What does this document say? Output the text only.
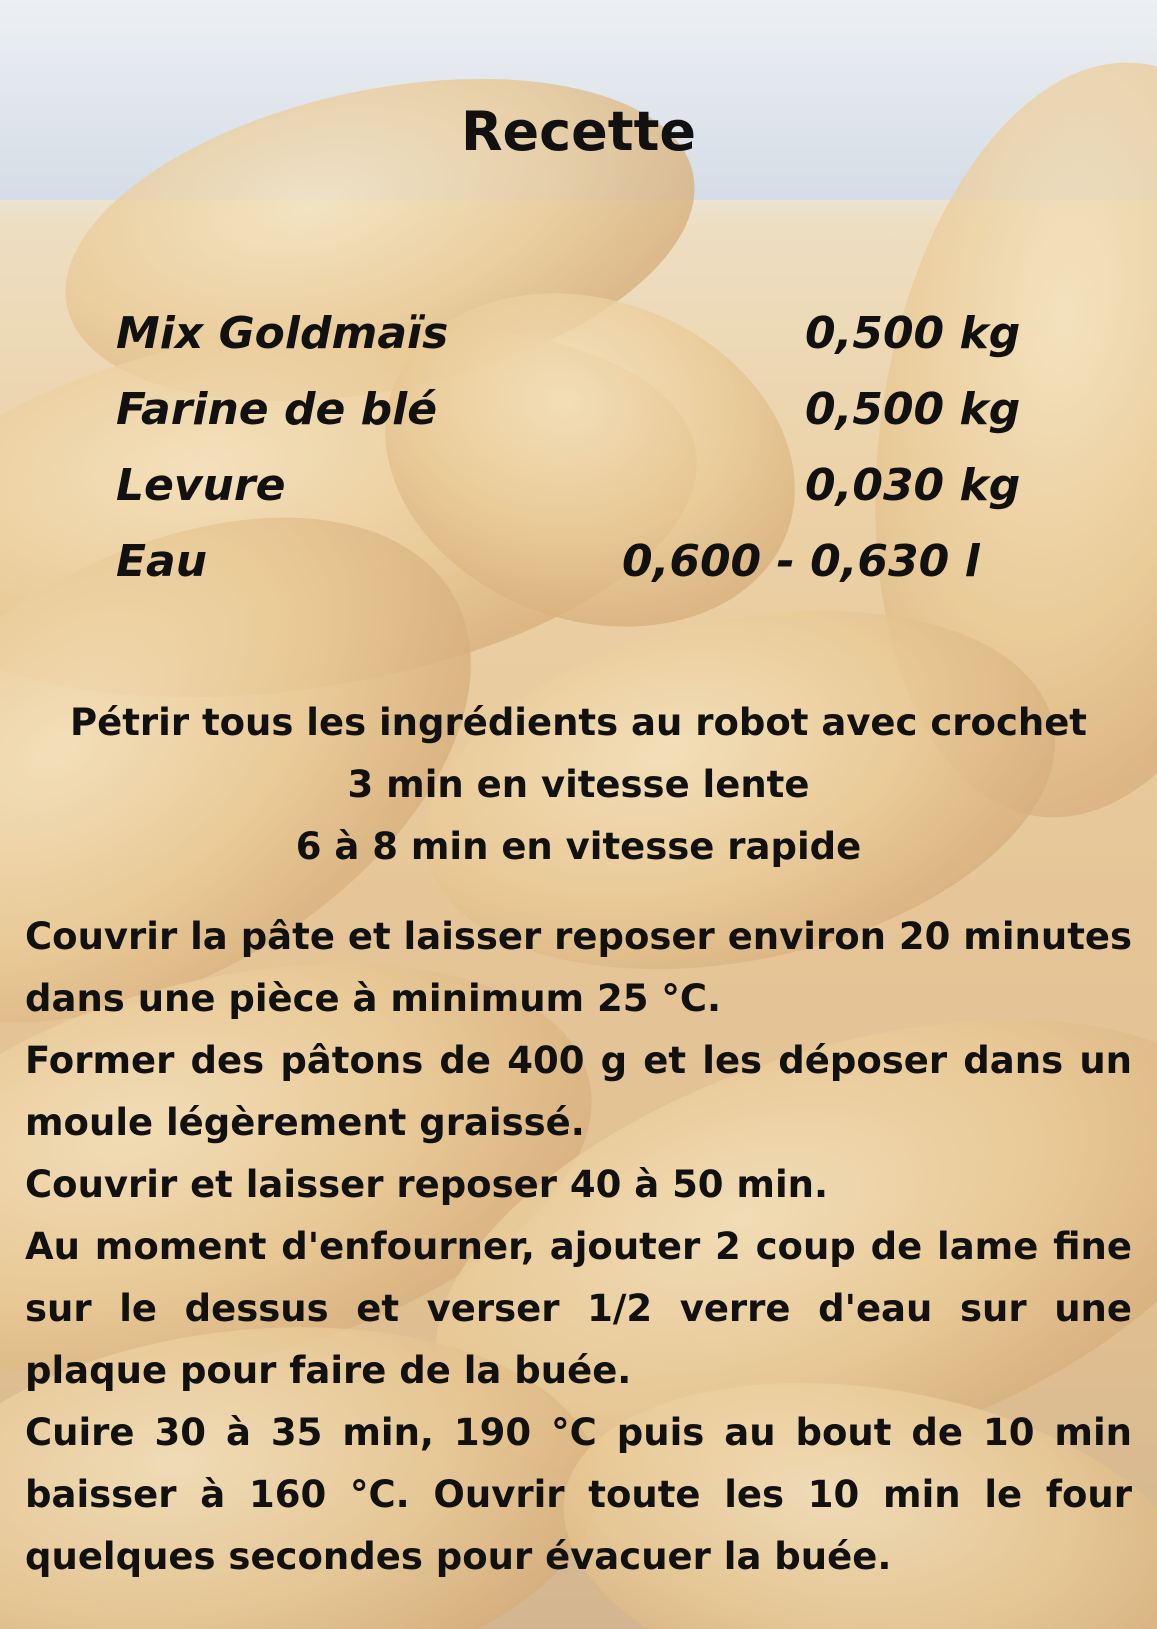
Recette
Mix Goldmaïs	0,500 kg
Farine de blé	0,500 kg
Levure	0,030 kg
Eau	0,600 - 0,630 l

Pétrir tous les ingrédients au robot avec crochet

3 min en vitesse lente

6 à 8 min en vitesse rapide

Couvrir la pâte et laisser reposer environ 20 minutes dans une pièce à minimum 25 °C.

Former des pâtons de 400 g et les déposer dans un moule légèrement graissé.

Couvrir et laisser reposer 40 à 50 min.

Au moment d'enfourner, ajouter 2 coup de lame fine sur le dessus et verser 1/2 verre d'eau sur une plaque pour faire de la buée.

Cuire 30 à 35 min, 190 °C puis au bout de 10 min baisser à 160 °C. Ouvrir toute les 10 min le four quelques secondes pour évacuer la buée.
